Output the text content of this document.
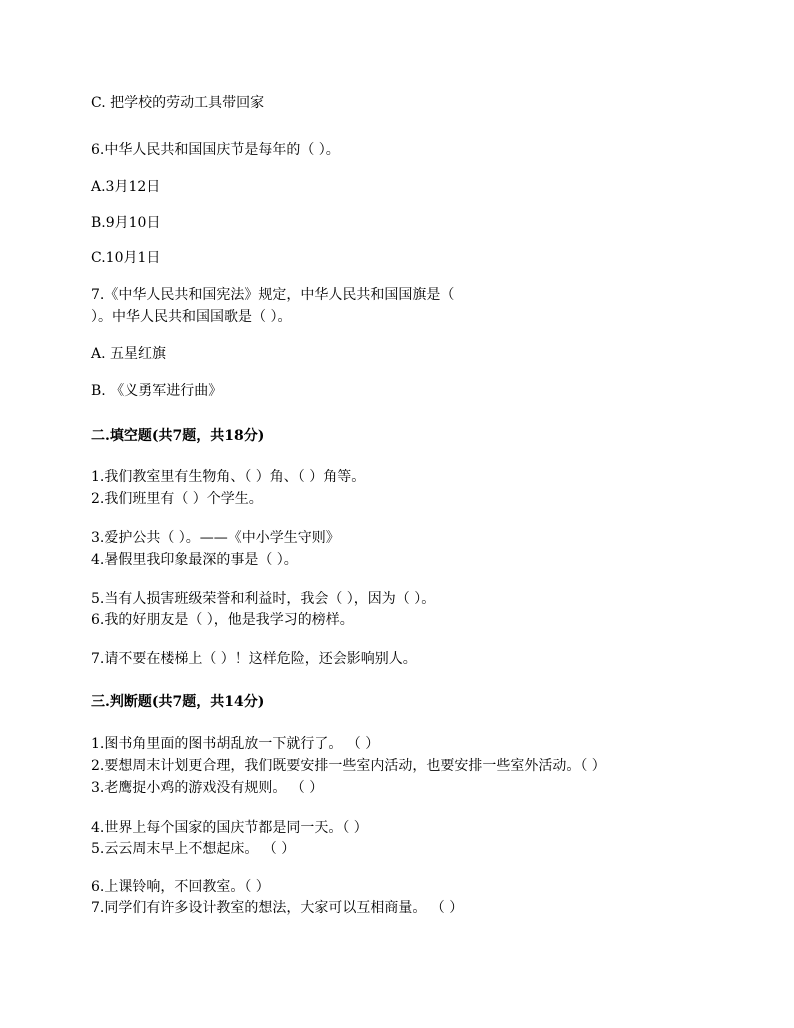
C. 把学校的劳动工具带回家
6.中华人民共和国国庆节是每年的（ ）。
A.3月12日
B.9月10日
C.10月1日
7.《中华人民共和国宪法》规定，中华人民共和国国旗是（
）。中华人民共和国国歌是（ ）。
A. 五星红旗
B. 《义勇军进行曲》
二.填空题(共7题，共18分)
1.我们教室里有生物角、（ ）角、（ ）角等。
2.我们班里有（ ）个学生。
3.爱护公共（ ）。——《中小学生守则》
4.暑假里我印象最深的事是（ ）。
5.当有人损害班级荣誉和利益时，我会（ ），因为（ ）。
6.我的好朋友是（ ），他是我学习的榜样。
7.请不要在楼梯上（ ）！这样危险，还会影响别人。
三.判断题(共7题，共14分)
1.图书角里面的图书胡乱放一下就行了。 （ ）
2.要想周末计划更合理，我们既要安排一些室内活动，也要安排一些室外活动。（ ）
3.老鹰捉小鸡的游戏没有规则。 （ ）
4.世界上每个国家的国庆节都是同一天。（ ）
5.云云周末早上不想起床。 （ ）
6.上课铃响，不回教室。（ ）
7.同学们有许多设计教室的想法，大家可以互相商量。 （ ）
